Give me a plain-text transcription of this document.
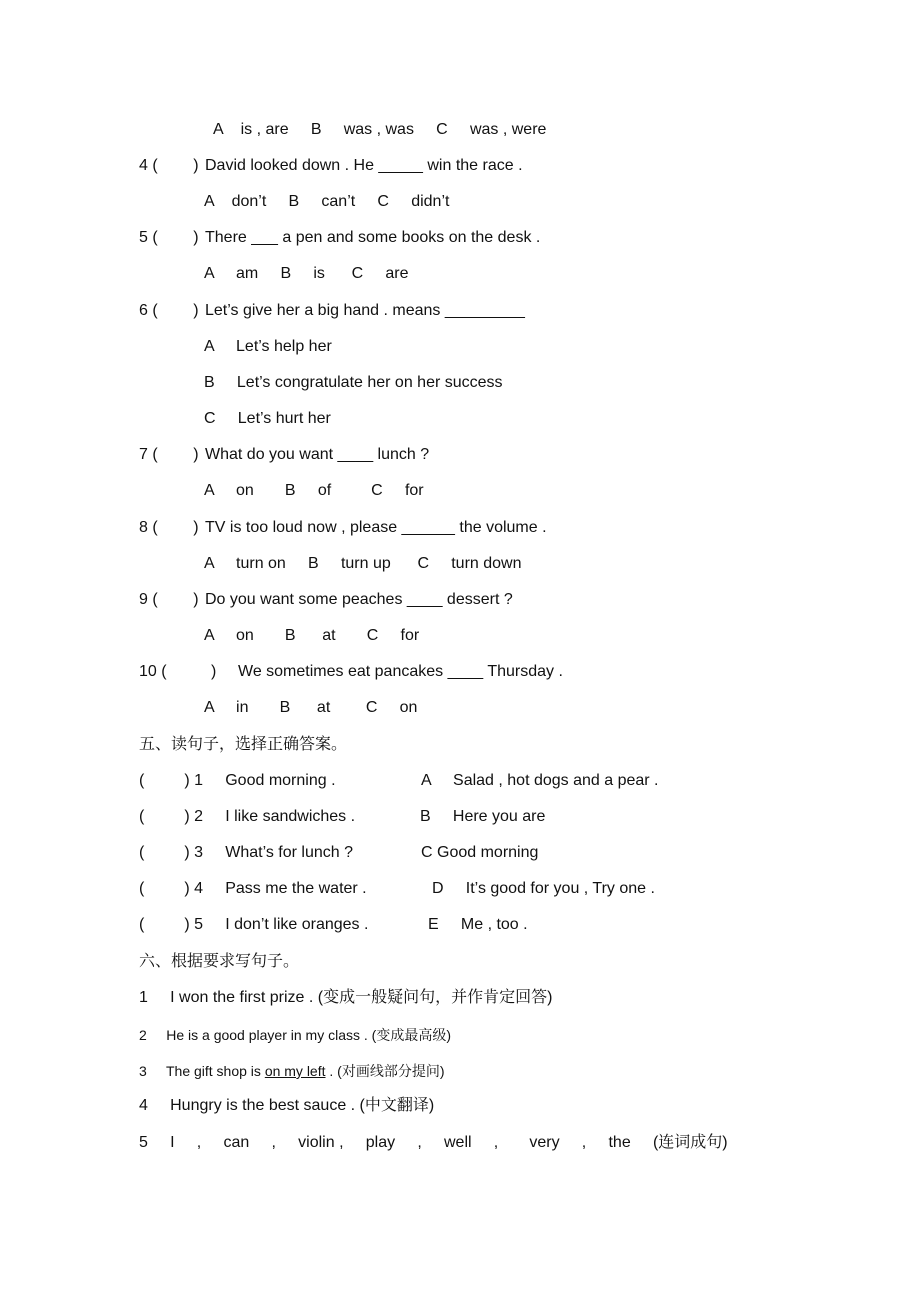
A    is , are     B     was , was     C     was , were
4 (        ) David looked down . He _____ win the race .
A    don’t     B     can’t     C     didn’t
5 (        ) There ___ a pen and some books on the desk .
A     am     B     is      C     are
6 (        ) Let’s give her a big hand . means _________
A     Let’s help her
B     Let’s congratulate her on her success
C     Let’s hurt her
7 (        ) What do you want ____ lunch ?
A     on       B     of         C     for
8 (        ) TV is too loud now , please ______ the volume .
A     turn on     B     turn up      C     turn down
9 (        ) Do you want some peaches ____ dessert ?
A     on       B      at       C     for
10 (          ) We sometimes eat pancakes ____ Thursday .
A     in       B      at        C     on
五、读句子，选择正确答案。
(         ) 1     Good morning .	A     Salad , hot dogs and a pear .
(         ) 2     I like sandwiches .	B     Here you are
(         ) 3     What’s for lunch ?	C Good morning
(         ) 4     Pass me the water .	D     It’s good for you , Try one .
(         ) 5     I don’t like oranges .	E     Me , too .
六、根据要求写句子。
1     I won the first prize . (变成一般疑问句，并作肯定回答)
2     He is a good player in my class . (变成最高级)
3     The gift shop is on my left . (对画线部分提问)
4     Hungry is the best sauce . (中文翻译)
5     I     ,     can     ,     violin ,     play     ,     well     ,       very     ,     the     (连词成句)
